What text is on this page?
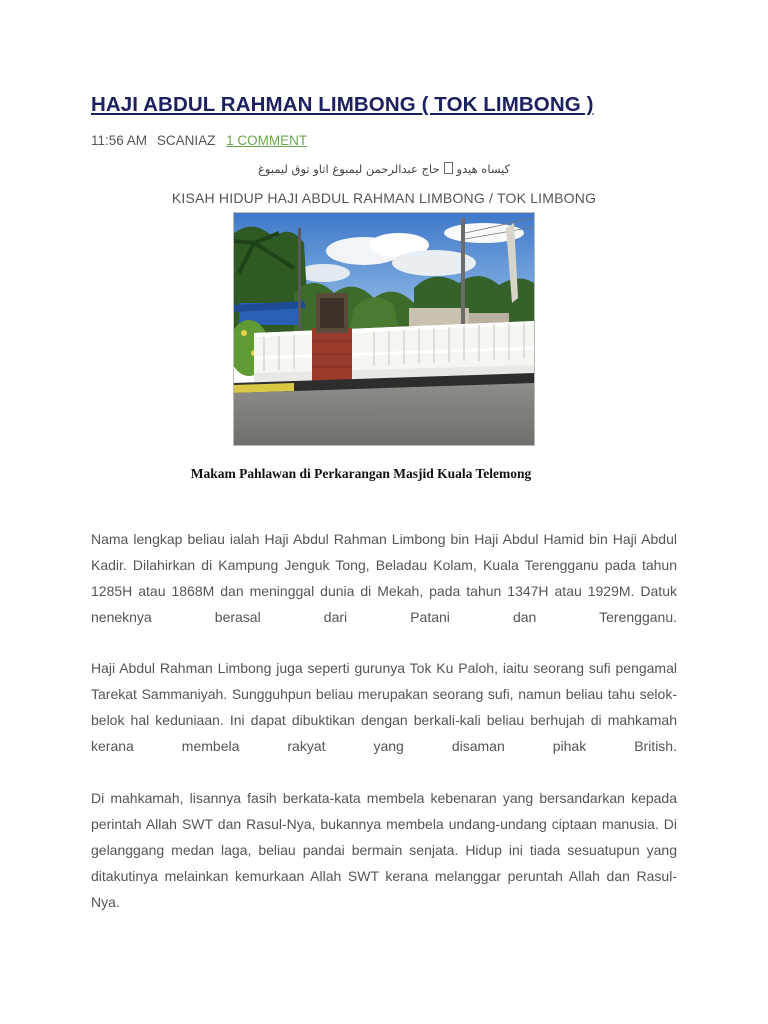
HAJI ABDUL RAHMAN LIMBONG ( TOK LIMBONG )
11:56 AM SCANIAZ 1 COMMENT
كيساه هيدوحاج عبدالرحمن ليمبوغ اتاو توق ليمبوغ
KISAH HIDUP HAJI ABDUL RAHMAN LIMBONG / TOK LIMBONG
Makam Pahlawan di Perkarangan Masjid Kuala Telemong

Nama lengkap beliau ialah Haji Abdul Rahman Limbong bin Haji Abdul Hamid bin Haji Abdul Kadir. Dilahirkan di Kampung Jenguk Tong, Beladau Kolam, Kuala Terengganu pada tahun 1285H atau 1868M dan meninggal dunia di Mekah, pada tahun 1347H atau 1929M. Datuk neneknya berasal dari Patani dan Terengganu.

Haji Abdul Rahman Limbong juga seperti gurunya Tok Ku Paloh, iaitu seorang sufi pengamal Tarekat Sammaniyah. Sungguhpun beliau merupakan seorang sufi, namun beliau tahu selok-belok hal keduniaan. Ini dapat dibuktikan dengan berkali-kali beliau berhujah di mahkamah kerana membela rakyat yang disaman pihak British.

Di mahkamah, lisannya fasih berkata-kata membela kebenaran yang bersandarkan kepada perintah Allah SWT dan Rasul-Nya, bukannya membela undang-undang ciptaan manusia. Di gelanggang medan laga, beliau pandai bermain senjata. Hidup ini tiada sesuatupun yang ditakutinya melainkan kemurkaan Allah SWT kerana melanggar peruntah Allah dan Rasul-Nya.
